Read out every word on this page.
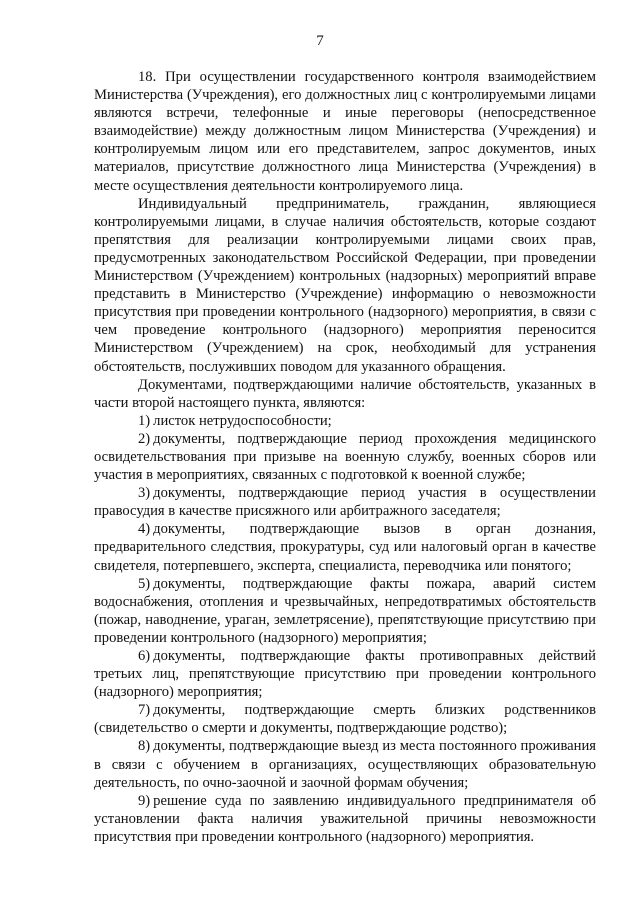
7

18. При осуществлении государственного контроля взаимодействием Министерства (Учреждения), его должностных лиц с контролируемыми лицами являются встречи, телефонные и иные переговоры (непосредственное взаимодействие) между должностным лицом Министерства (Учреждения) и контролируемым лицом или его представителем, запрос документов, иных материалов, присутствие должностного лица Министерства (Учреждения) в месте осуществления деятельности контролируемого лица.

Индивидуальный предприниматель, гражданин, являющиеся контролируемыми лицами, в случае наличия обстоятельств, которые создают препятствия для реализации контролируемыми лицами своих прав, предусмотренных законодательством Российской Федерации, при проведении Министерством (Учреждением) контрольных (надзорных) мероприятий вправе представить в Министерство (Учреждение) информацию о невозможности присутствия при проведении контрольного (надзорного) мероприятия, в связи с чем проведение контрольного (надзорного) мероприятия переносится Министерством (Учреждением) на срок, необходимый для устранения обстоятельств, послуживших поводом для указанного обращения.

Документами, подтверждающими наличие обстоятельств, указанных в части второй настоящего пункта, являются:

1) листок нетрудоспособности;

2) документы, подтверждающие период прохождения медицинского освидетельствования при призыве на военную службу, военных сборов или участия в мероприятиях, связанных с подготовкой к военной службе;

3) документы, подтверждающие период участия в осуществлении правосудия в качестве присяжного или арбитражного заседателя;

4) документы, подтверждающие вызов в орган дознания, предварительного следствия, прокуратуры, суд или налоговый орган в качестве свидетеля, потерпевшего, эксперта, специалиста, переводчика или понятого;

5) документы, подтверждающие факты пожара, аварий систем водоснабжения, отопления и чрезвычайных, непредотвратимых обстоятельств (пожар, наводнение, ураган, землетрясение), препятствующие присутствию при проведении контрольного (надзорного) мероприятия;

6) документы, подтверждающие факты противоправных действий третьих лиц, препятствующие присутствию при проведении контрольного (надзорного) мероприятия;

7) документы, подтверждающие смерть близких родственников (свидетельство о смерти и документы, подтверждающие родство);

8) документы, подтверждающие выезд из места постоянного проживания в связи с обучением в организациях, осуществляющих образовательную деятельность, по очно-заочной и заочной формам обучения;

9) решение суда по заявлению индивидуального предпринимателя об установлении факта наличия уважительной причины невозможности присутствия при проведении контрольного (надзорного) мероприятия.
